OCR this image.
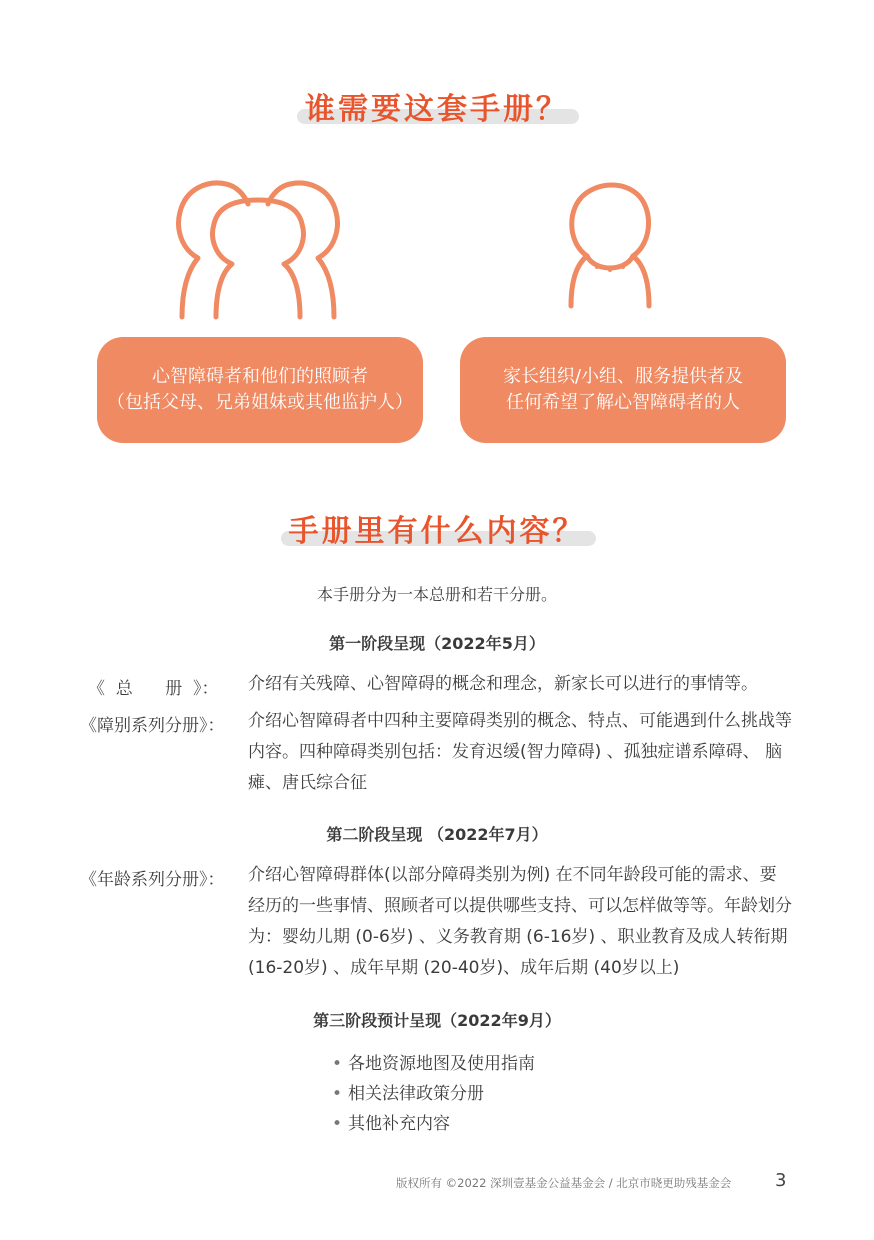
谁需要这套手册？
心智障碍者和他们的照顾者
（包括父母、兄弟姐妹或其他监护人）
家长组织/小组、服务提供者及
任何希望了解心智障碍者的人
手册里有什么内容？
本手册分为一本总册和若干分册。
第一阶段呈现（2022年5月）
《  总      册  》： 介绍有关残障、心智障碍的概念和理念，新家长可以进行的事情等。
《障别系列分册》： 介绍心智障碍者中四种主要障碍类别的概念、特点、可能遇到什么挑战等内容。四种障碍类别包括：发育迟缓(智力障碍) 、孤独症谱系障碍、 脑瘫、唐氏综合征
第二阶段呈现 （2022年7月）
《年龄系列分册》： 介绍心智障碍群体(以部分障碍类别为例) 在不同年龄段可能的需求、要经历的一些事情、照顾者可以提供哪些支持、可以怎样做等等。年龄划分为：婴幼儿期 (0-6岁) 、义务教育期 (6-16岁) 、职业教育及成人转衔期 (16-20岁) 、成年早期 (20-40岁)、成年后期 (40岁以上)
第三阶段预计呈现（2022年9月）
• 各地资源地图及使用指南
• 相关法律政策分册
• 其他补充内容
版权所有 ©2022 深圳壹基金公益基金会 / 北京市晓更助残基金会 3
